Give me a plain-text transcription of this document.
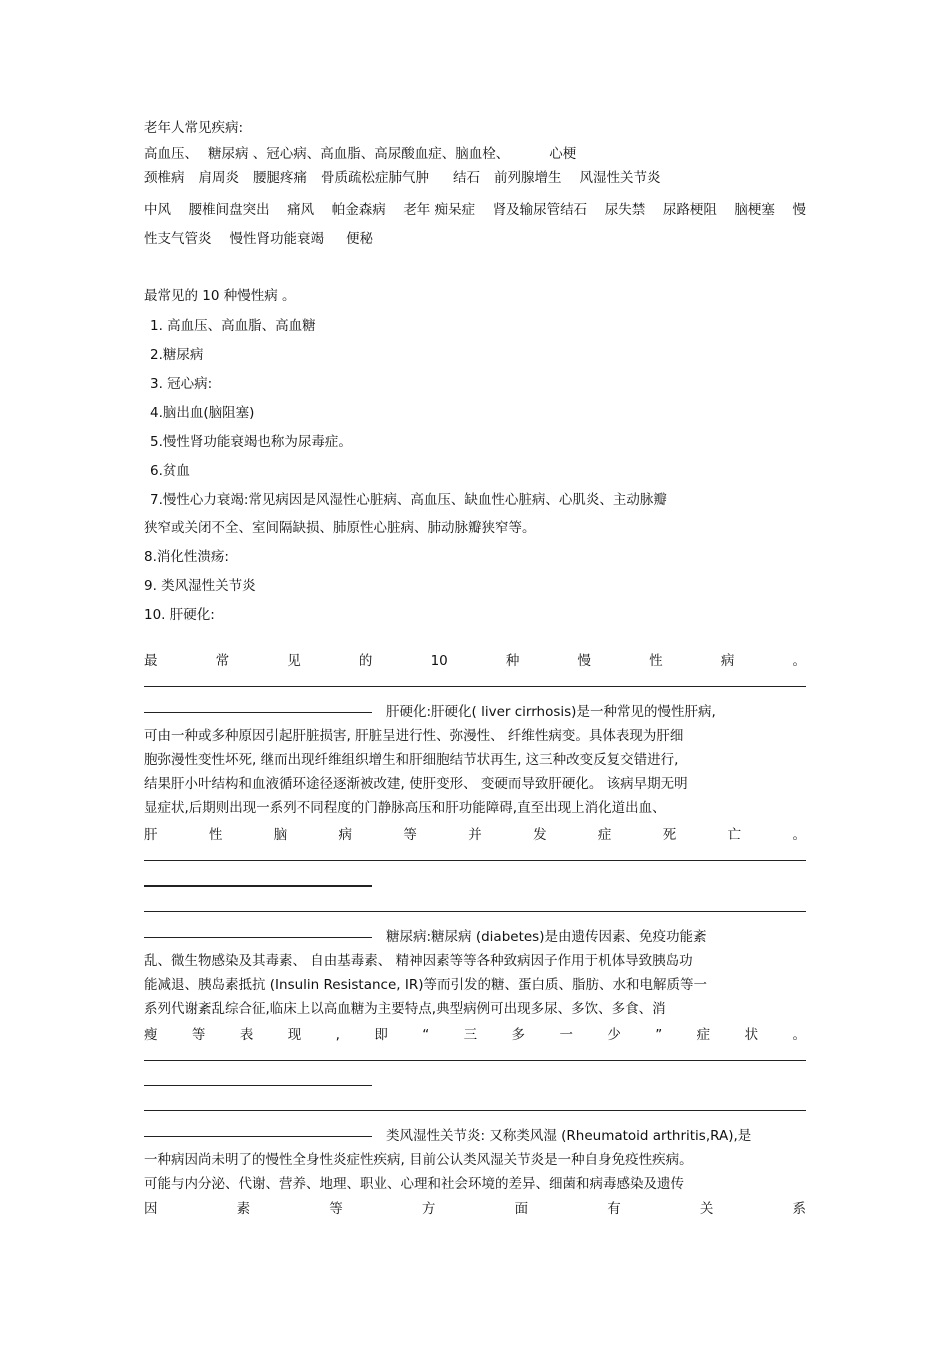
老年人常见疾病:
高血压、 糖尿病 、冠心病、高血脂、高尿酸血症、脑血栓、	心梗
颈椎病 肩周炎 腰腿疼痛 骨质疏松症肺气肿 结石 前列腺增生 风湿性关节炎
中风 腰椎间盘突出 痛风 帕金森病 老年 痴呆症 肾及输尿管结石 尿失禁 尿路梗阻 脑梗塞 慢
性支气管炎 慢性肾功能衰竭 便秘
最常见的 10 种慢性病 。
1. 高血压、高血脂、高血糖
2.糖尿病
3. 冠心病:
4.脑出血(脑阻塞)
5.慢性肾功能衰竭也称为尿毒症。
6.贫血
7.慢性心力衰竭:常见病因是风湿性心脏病、高血压、缺血性心脏病、心肌炎、主动脉瓣
狭窄或关闭不全、室间隔缺损、肺原性心脏病、肺动脉瓣狭窄等。
8.消化性溃疡:
9. 类风湿性关节炎
10. 肝硬化:
最	常	见	的	10	种	慢	性	病	。
肝硬化:肝硬化( liver cirrhosis)是一种常见的慢性肝病,
可由一种或多种原因引起肝脏损害, 肝脏呈进行性、弥漫性、 纤维性病变。具体表现为肝细
胞弥漫性变性坏死, 继而出现纤维组织增生和肝细胞结节状再生, 这三种改变反复交错进行,
结果肝小叶结构和血液循环途径逐渐被改建, 使肝变形、 变硬而导致肝硬化。 该病早期无明
显症状,后期则出现一系列不同程度的门静脉高压和肝功能障碍,直至出现上消化道出血、
肝	性	脑	病	等	并	发	症	死	亡	。
糖尿病:糖尿病 (diabetes)是由遗传因素、免疫功能紊
乱、微生物感染及其毒素、 自由基毒素、 精神因素等等各种致病因子作用于机体导致胰岛功
能减退、胰岛素抵抗 (Insulin Resistance, IR)等而引发的糖、蛋白质、脂肪、水和电解质等一
系列代谢紊乱综合征,临床上以高血糖为主要特点,典型病例可出现多尿、多饮、多食、消
瘦	等	表	现	,	即	“	三	多	一	少	”	症	状	。
类风湿性关节炎: 又称类风湿 (Rheumatoid arthritis,RA),是
一种病因尚未明了的慢性全身性炎症性疾病, 目前公认类风湿关节炎是一种自身免疫性疾病。
可能与内分泌、代谢、营养、地理、职业、心理和社会环境的差异、细菌和病毒感染及遗传
因	素	等	方	面	有	关	系
